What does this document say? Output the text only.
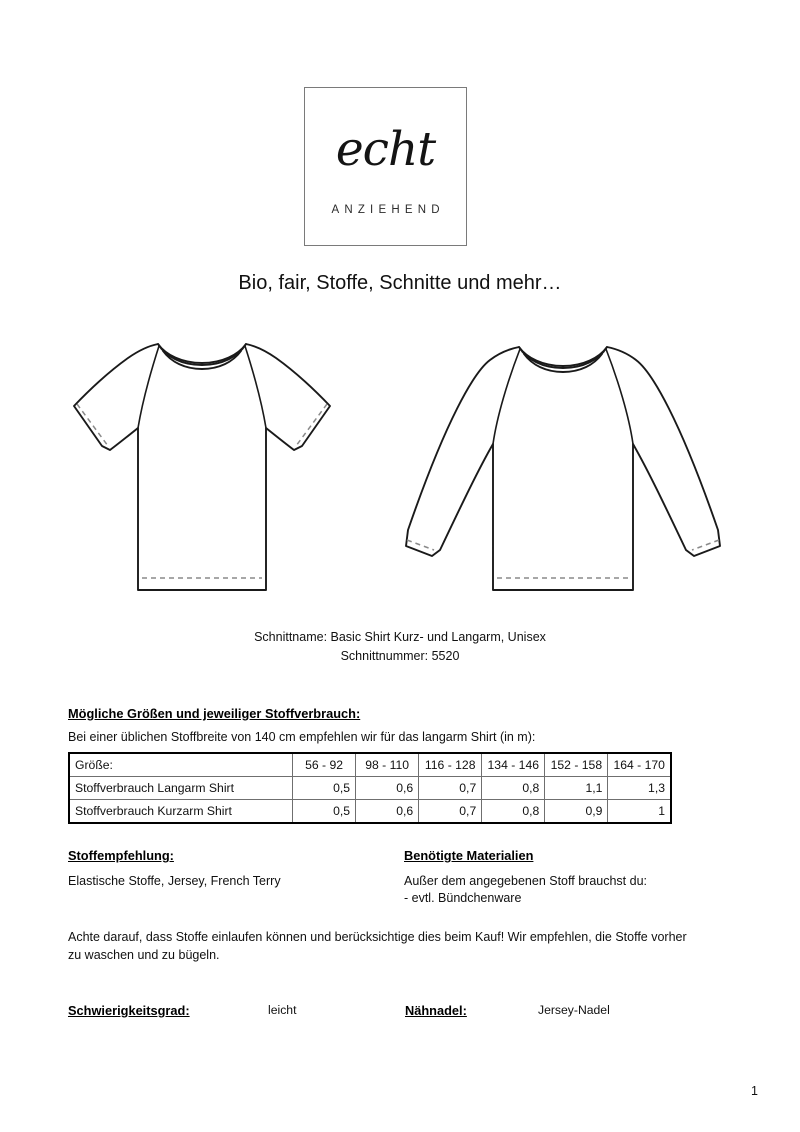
echt
ANZIEHEND
Bio, fair, Stoffe, Schnitte und mehr…
Schnittname: Basic Shirt Kurz- und Langarm, Unisex
Schnittnummer: 5520

Mögliche Größen und jeweiliger Stoffverbrauch:

Bei einer üblichen Stoffbreite von 140 cm empfehlen wir für das langarm Shirt (in m):

Größe:	56 - 92	98 - 110	116 - 128	134 - 146	152 - 158	164 - 170
Stoffverbrauch Langarm Shirt	0,5	0,6	0,7	0,8	1,1	1,3
Stoffverbrauch Kurzarm Shirt	0,5	0,6	0,7	0,8	0,9	1

Stoffempfehlung:

Elastische Stoffe, Jersey, French Terry

Benötigte Materialien

Außer dem angegebenen Stoff brauchst du:

- evtl. Bündchenware

Achte darauf, dass Stoffe einlaufen können und berücksichtige dies beim Kauf! Wir empfehlen, die Stoffe vorher zu waschen und zu bügeln.
Schwierigkeitsgrad:	leicht	Nähnadel:	Jersey-Nadel
1
